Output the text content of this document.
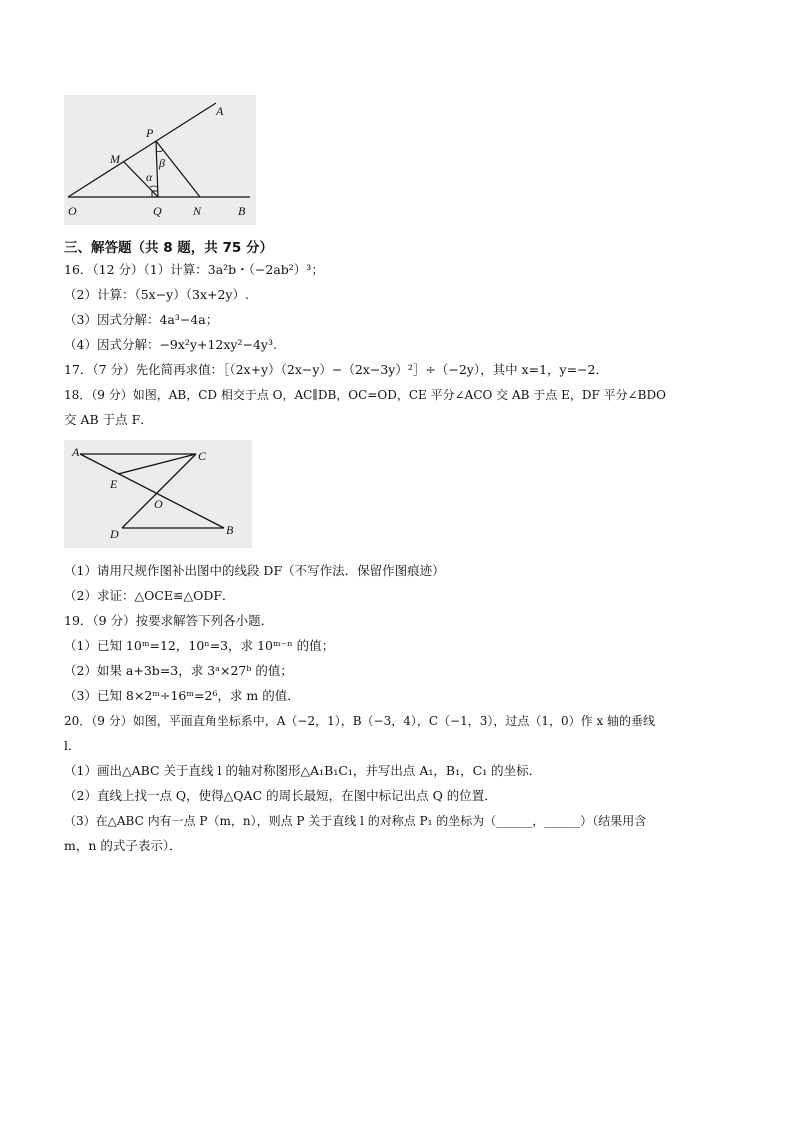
A
P
M	β
α
O	Q	N	B
三、解答题（共 8 题，共 75 分）
16．（12 分）（1）计算：3a²b・（−2ab²）³；
（2）计算：（5x−y）（3x+2y）.
（3）因式分解：4a³−4a；
（4）因式分解：−9x²y+12xy²−4y³.
17．（7 分）先化简再求值：［（2x+y）（2x−y）−（2x−3y）²］÷（−2y），其中 x=1，y=−2．
18．（9 分）如图，AB，CD 相交于点 O，AC∥DB，OC=OD，CE 平分∠ACO 交 AB 于点 E，DF 平分∠BDO
交 AB 于点 F．
A	C
E
O
D	B
（1）请用尺规作图补出图中的线段 DF（不写作法．保留作图痕迹）
（2）求证：△OCE≌△ODF．
19．（9 分）按要求解答下列各小题．
（1）已知 10ᵐ=12，10ⁿ=3，求 10ᵐ⁻ⁿ 的值；
（2）如果 a+3b=3，求 3ᵃ×27ᵇ 的值；
（3）已知 8×2ᵐ÷16ᵐ=2⁶，求 m 的值．
20．（9 分）如图，平面直角坐标系中，A（−2，1），B（−3，4），C（−1，3），过点（1，0）作 x 轴的垂线
l．
（1）画出△ABC 关于直线 l 的轴对称图形△A₁B₁C₁，并写出点 A₁，B₁，C₁ 的坐标．
（2）直线上找一点 Q，使得△QAC 的周长最短，在图中标记出点 Q 的位置．
（3）在△ABC 内有一点 P（m，n），则点 P 关于直线 l 的对称点 P₁ 的坐标为（______，______）（结果用含
m，n 的式子表示）．
